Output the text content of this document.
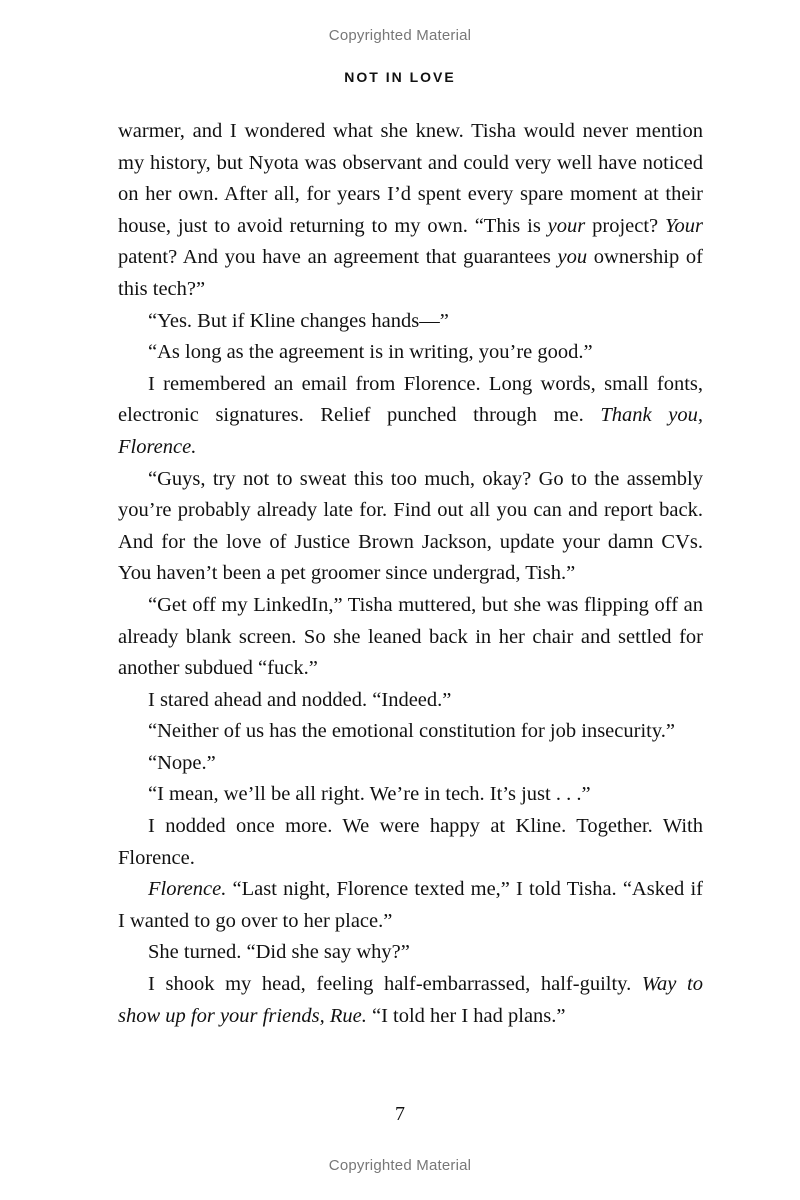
Copyrighted Material
NOT IN LOVE

warmer, and I wondered what she knew. Tisha would never mention my history, but Nyota was observant and could very well have noticed on her own. After all, for years I’d spent every spare moment at their house, just to avoid returning to my own. “This is your project? Your patent? And you have an agreement that guarantees you ownership of this tech?”

“Yes. But if Kline changes hands—”

“As long as the agreement is in writing, you’re good.”

I remembered an email from Florence. Long words, small fonts, electronic signatures. Relief punched through me. Thank you, Florence.

“Guys, try not to sweat this too much, okay? Go to the assembly you’re probably already late for. Find out all you can and report back. And for the love of Justice Brown Jackson, update your damn CVs. You haven’t been a pet groomer since undergrad, Tish.”

“Get off my LinkedIn,” Tisha muttered, but she was flipping off an already blank screen. So she leaned back in her chair and settled for another subdued “fuck.”

I stared ahead and nodded. “Indeed.”

“Neither of us has the emotional constitution for job insecurity.”

“Nope.”

“I mean, we’ll be all right. We’re in tech. It’s just . . .”

I nodded once more. We were happy at Kline. Together. With Florence.

Florence. “Last night, Florence texted me,” I told Tisha. “Asked if I wanted to go over to her place.”

She turned. “Did she say why?”

I shook my head, feeling half-embarrassed, half-guilty. Way to show up for your friends, Rue. “I told her I had plans.”

7
Copyrighted Material
